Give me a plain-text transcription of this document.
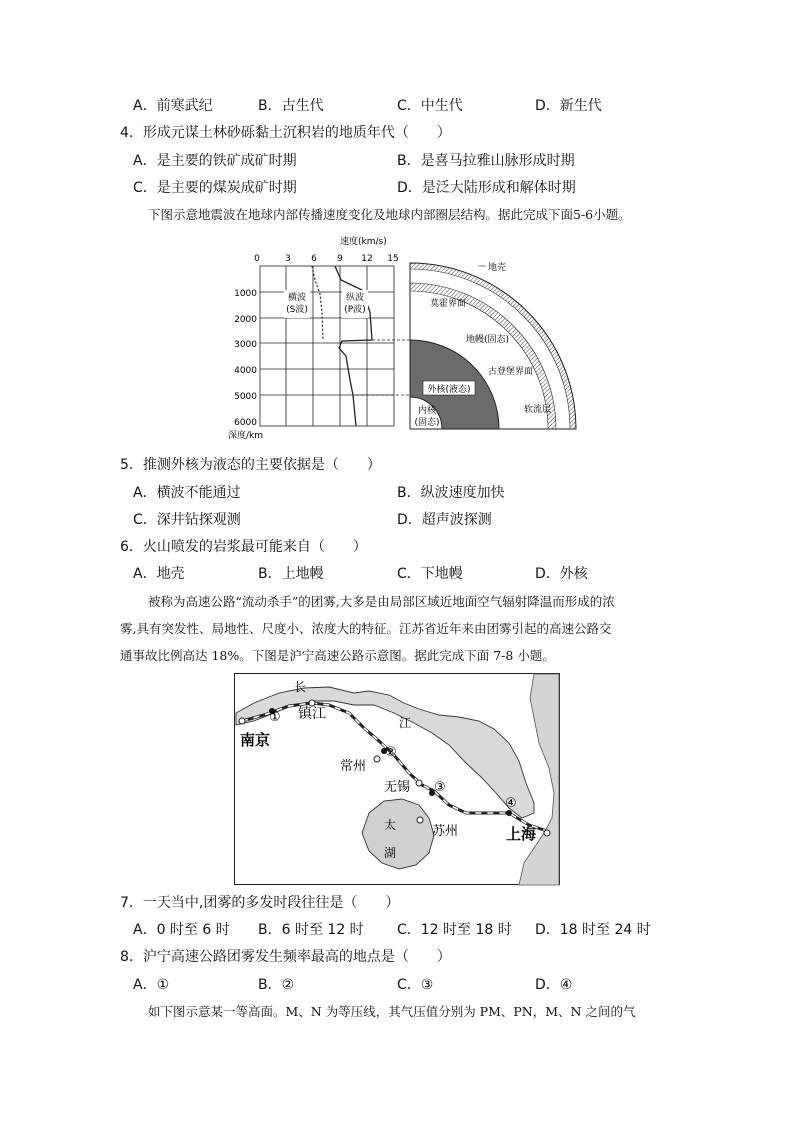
A．前寒武纪	B．古生代	C．中生代	D．新生代
4．形成元谋土林砂砾黏土沉积岩的地质年代（　　）
A．是主要的铁矿成矿时期	B．是喜马拉雅山脉形成时期
C．是主要的煤炭成矿时期	D．是泛大陆形成和解体时期
下图示意地震波在地球内部传播速度变化及地球内部圈层结构。据此完成下面5-6小题。
速度(km/s)
0	3 6 9 12 15
1000
2000
3000
4000
5000
6000
深度/km
横波
(S波)
纵波
(P波)
地壳
莫霍界面
地幔(固态)
古登堡界面
外核(液态)
内核
(固态)
软流层
5．推测外核为液态的主要依据是（　　）
A．横波不能通过	B．纵波速度加快
C．深井钻探观测	D．超声波探测
6．火山喷发的岩浆最可能来自（　　）
A．地壳	B．上地幔	C．下地幔	D．外核
被称为高速公路“流动杀手”的团雾,大多是由局部区域近地面空气辐射降温而形成的浓
雾,具有突发性、局地性、尺度小、浓度大的特征。江苏省近年来由团雾引起的高速公路交
通事故比例高达 18%。下图是沪宁高速公路示意图。据此完成下面 7-8 小题。
长
江
南京
镇江
常州
无锡
苏州	上海
太
湖
①
②
③
④
7．一天当中,团雾的多发时段往往是（　　）
A．0 时至 6 时 B．6 时至 12 时 C．12 时至 18 时 D．18 时至 24 时
8．沪宁高速公路团雾发生频率最高的地点是（　　）
A．①	B．②	C．③	D．④
如下图示意某一等高面。M、N 为等压线，其气压值分别为 PM、PN，M、N 之间的气
